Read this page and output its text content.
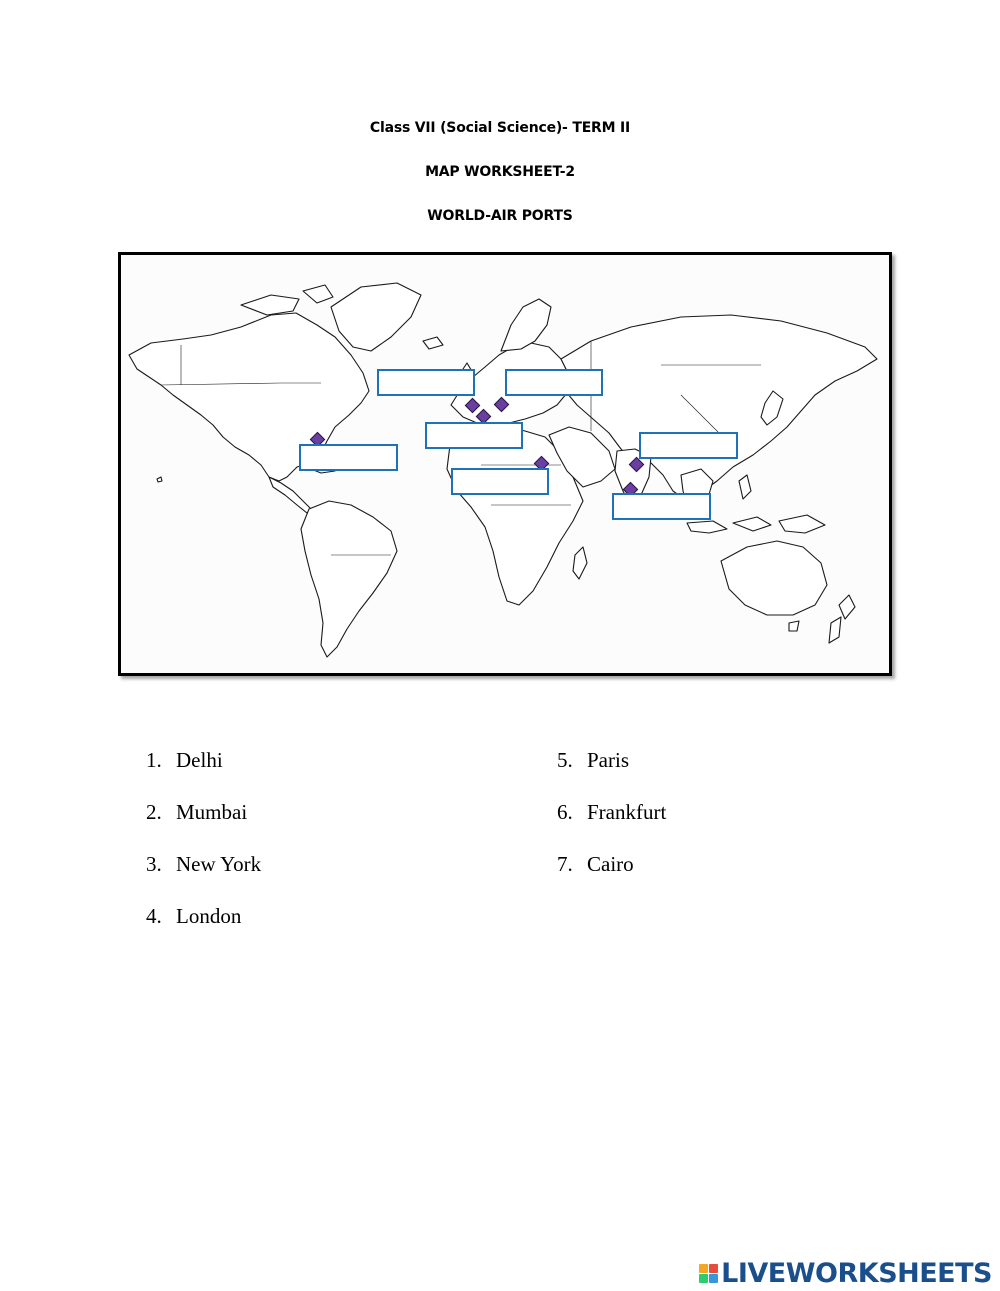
Class VII (Social Science)- TERM II
MAP WORKSHEET-2
WORLD-AIR PORTS
1. Delhi
2. Mumbai
3. New York
4. London
5. Paris
6. Frankfurt
7. Cairo
LIVEWORKSHEETS
